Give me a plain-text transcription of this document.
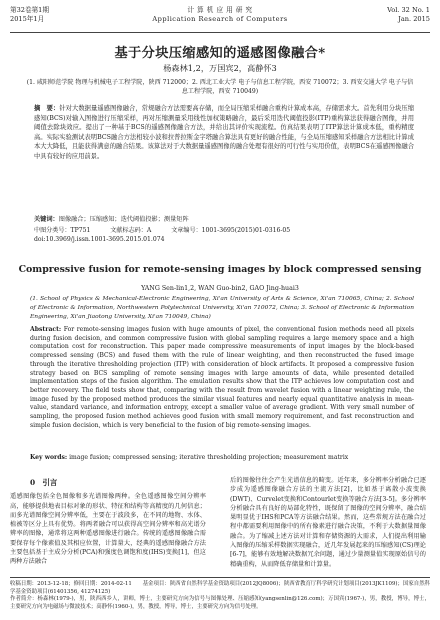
第32卷第1期
2015年1月
计 算 机 应 用 研 究
Application Research of Computers
Vol. 32 No. 1
Jan. 2015
基于分块压缩感知的遥感图像融合*
杨森林1,2，万国宾2，高静怀3
(1. 咸阳师范学院 物理与机械电子工程学院，陕西 712000；2. 西北工业大学 电子与信息工程学院，西安 710072；3. 西安交通大学 电子与信息工程学院，西安 710049)
摘　要：针对大数据量遥感图像融合，常规融合方法需要高存储，而全局压缩采样融合重构计算成本高，存储需求大。首先利用分块压缩感知(BCS)对输入图像进行压缩采样，再对压缩测量采用线性加权策略融合，最后采用迭代阈值投影(ITP)重构算法获得融合图像，并用阈值去除块效应。提出了一种基于BCS的遥感图像融合方法，并给出其评价实现流程。仿真结果表明了ITP算法计算成本低，重构精度高。实际实验测试表明BCS融合方法相较小波和拉普拉斯金字塔融合算法具有更好的融合性能，与全局压缩感知采样融合方法相比计算成本大大降低，且能获得满意的融合结果。该算法对于大数据量遥感图像的融合处理有很好的可行性与实用价值，表明BCS在遥感图像融合中具有较好的应用前景。
关键词：图像融合；压缩感知；迭代阈值投影；测量矩阵
中图分类号：TP751	文献标志码：A	文章编号：1001-3695(2015)01-0316-05
doi:10.3969/j.issn.1001-3695.2015.01.074
Compressive fusion for remote-sensing images by block compressed sensing
YANG Sen-lin1,2, WAN Guo-bin2, GAO Jing-huai3
(1. School of Physics & Mechanical-Electronic Engineering, Xi'an University of Arts & Science, Xi'an 710065, China; 2. School of Electronic & Information, Northwestern Polytechnical University, Xi'an 710072, China; 3. School of Electronic & Information Engineering, Xi'an Jiaotong University, Xi'an 710049, China)
Abstract: For remote-sensing images fusion with huge amounts of pixel, the conventional fusion methods need all pixels during fusion decision, and common compressive fusion with global sampling requires a large memory space and a high computation cost for reconstruction. This paper made compressive measurements of input images by the block-based compressed sensing (BCS) and fused them with the rule of linear weighting, and then reconstructed the fused image through the iterative thresholding projection (ITP) with consideration of block artifacts. It proposed a compressive fusion strategy based on BCS sampling of remote sensing images with large amounts of data, while presented detailed implementation steps of the fusion algorithm. The emulation results show that the ITP achieves low computation cost and better recovery. The field tests show that, comparing with the result from wavelet fusion with a linear weighting rule, the image fused by the proposed method produces the similar visual features and nearly equal quantitative analysis in mean-value, standard variance, and information entropy, except a smaller value of average gradient. With very small number of sampling, the proposed fusion method achieves good fusion with small memory requirement, and fast reconstruction and simple fusion decision, which is very beneficial to the fusion of big remote-sensing images.
Key words: image fusion; compressed sensing; iterative thresholding projection; measurement matrix
0　引言
遥感图像包括全色图像和多光谱图像两种。全色遥感图像空间分辨率高，能够提供地表目标对象的形状、特征和结构等高精度的几何信息；而多光谱图像空间分辨率低，主要在于波段多，在不同的地物、水体、植被等区分上具有优势。将两者融合可以获得高空间分辨率和高光谱分辨率的图像，通常将这两种遥感图像进行融合。传统的遥感图像融合需要保存每个像素值及其相应位置，计算量大，经典的遥感图像融合方法主要包括基于主成分分析(PCA)和强度色调饱和度(IHS)变换[1]，但这两种方法融合
后的图像往往会产生光谱信息的畸变。近年来，多分辨率分析融合已逐步成为遥感图像融合方法的主流方法[2]，比如基于离散小波变换(DWT)、Curvelet变换和Contourlet变换等融合方法[3-5]。多分辨率分析融合具有良好的局部化特性，既保留了图像的空间分辨率，融合结果明显优于IHS和PCA等方法融合结果。然而，这些常规方法在融合过程中都需要利用图像中的所有像素进行融合决策，不利于大数据量图像融合。为了缩减上述方法对计算和存储资源的大需求，人们提出利用输入图像的压缩采样数据实现融合，近几年发展起来的压缩感知(CS)理论[6-7]，能够有效地解决数据冗余问题，通过少量测量值实现原始信号的精确重构，从而降低存储量和计算量。
收稿日期：2013-12-18；修回日期：2014-02-11　　基金项目：陕西省自然科学基金资助项目(2012JQ8006)；陕西省教育厅科学研究计划项目(2013JK1109)；国家自然科学基金资助项目(61401356, 41274125)
作者简介：杨森林(1979-)，男，陕西西乡人，讲师，博士，主要研究方向为信号与图像处理、压缩感知(yangsenlin@126.com)；万国宾(1967-)，男，教授，博导，博士，主要研究方向为电磁场与微波技术；高静怀(1960-)，男，教授，博导，博士，主要研究方向为信号处理。
